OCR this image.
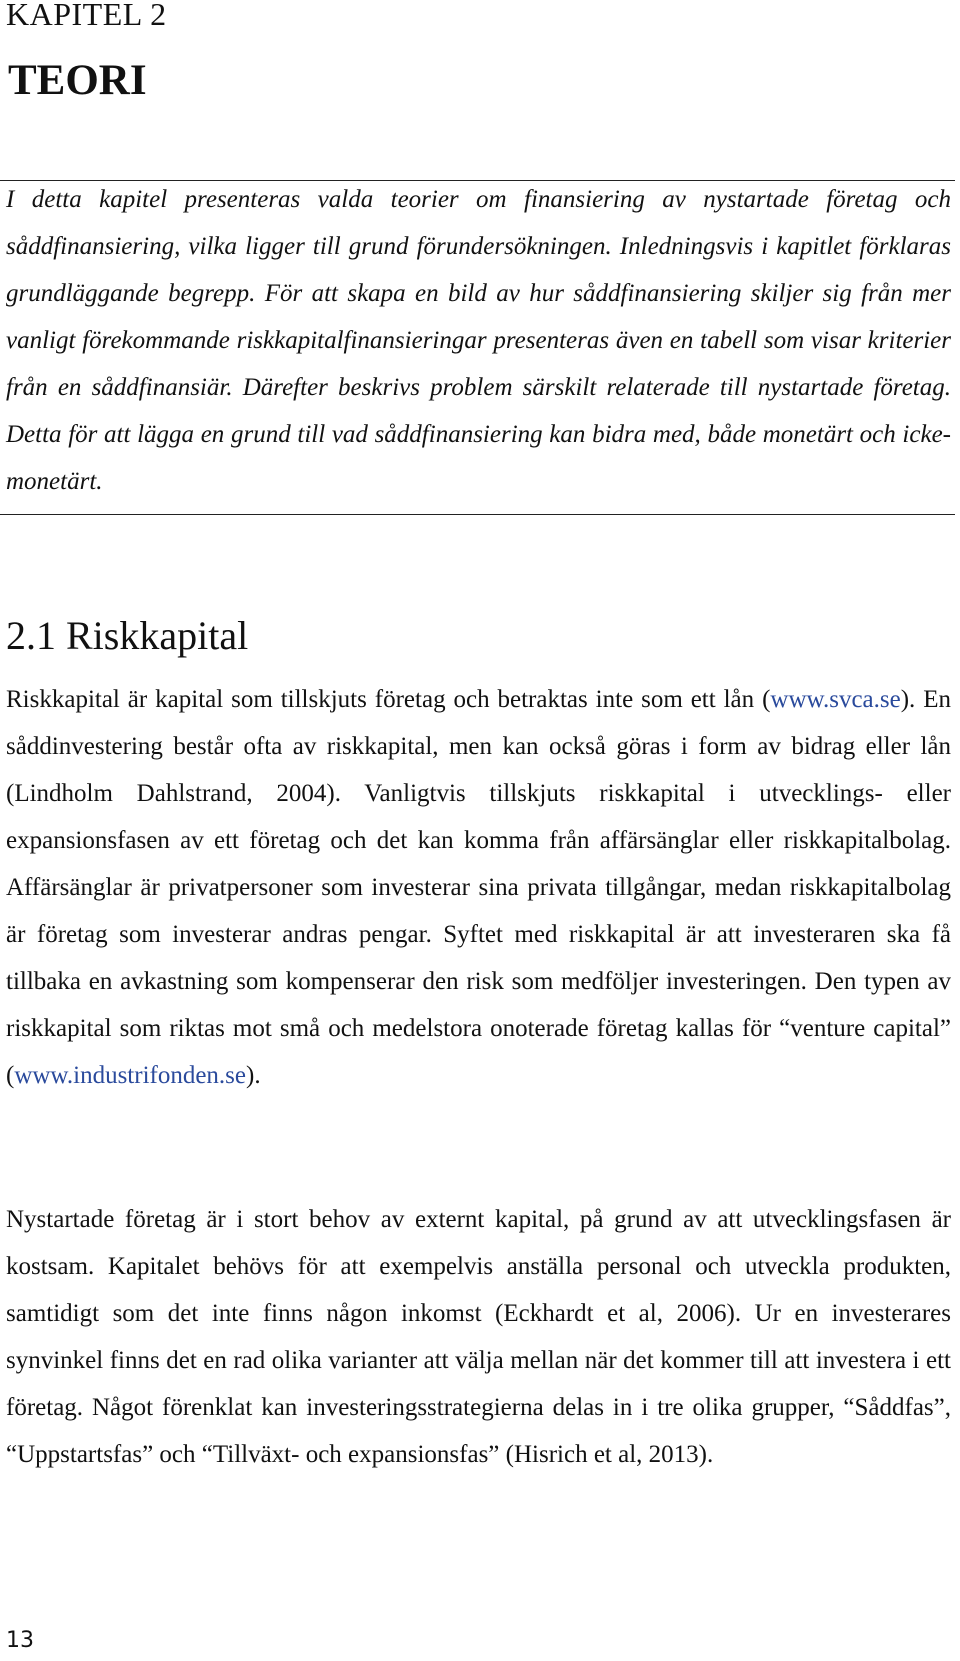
KAPITEL 2

TEORI

I detta kapitel presenteras valda teorier om finansiering av nystartade företag och såddfinansiering, vilka ligger till grund förundersökningen. Inledningsvis i kapitlet förklaras grundläggande begrepp. För att skapa en bild av hur såddfinansiering skiljer sig från mer vanligt förekommande riskkapitalfinansieringar presenteras även en tabell som visar kriterier från en såddfinansiär. Därefter beskrivs problem särskilt relaterade till nystartade företag. Detta för att lägga en grund till vad såddfinansiering kan bidra med, både monetärt och icke-monetärt.

2.1 Riskkapital

Riskkapital är kapital som tillskjuts företag och betraktas inte som ett lån (www.svca.se). En såddinvestering består ofta av riskkapital, men kan också göras i form av bidrag eller lån (Lindholm Dahlstrand, 2004). Vanligtvis tillskjuts riskkapital i utvecklings- eller expansionsfasen av ett företag och det kan komma från affärsänglar eller riskkapitalbolag. Affärsänglar är privatpersoner som investerar sina privata tillgångar, medan riskkapitalbolag är företag som investerar andras pengar. Syftet med riskkapital är att investeraren ska få tillbaka en avkastning som kompenserar den risk som medföljer investeringen. Den typen av riskkapital som riktas mot små och medelstora onoterade företag kallas för “venture capital” (www.industrifonden.se).

Nystartade företag är i stort behov av externt kapital, på grund av att utvecklingsfasen är kostsam. Kapitalet behövs för att exempelvis anställa personal och utveckla produkten, samtidigt som det inte finns någon inkomst (Eckhardt et al, 2006). Ur en investerares synvinkel finns det en rad olika varianter att välja mellan när det kommer till att investera i ett företag. Något förenklat kan investeringsstrategierna delas in i tre olika grupper, “Såddfas”, “Uppstartsfas” och “Tillväxt- och expansionsfas” (Hisrich et al, 2013).

13
